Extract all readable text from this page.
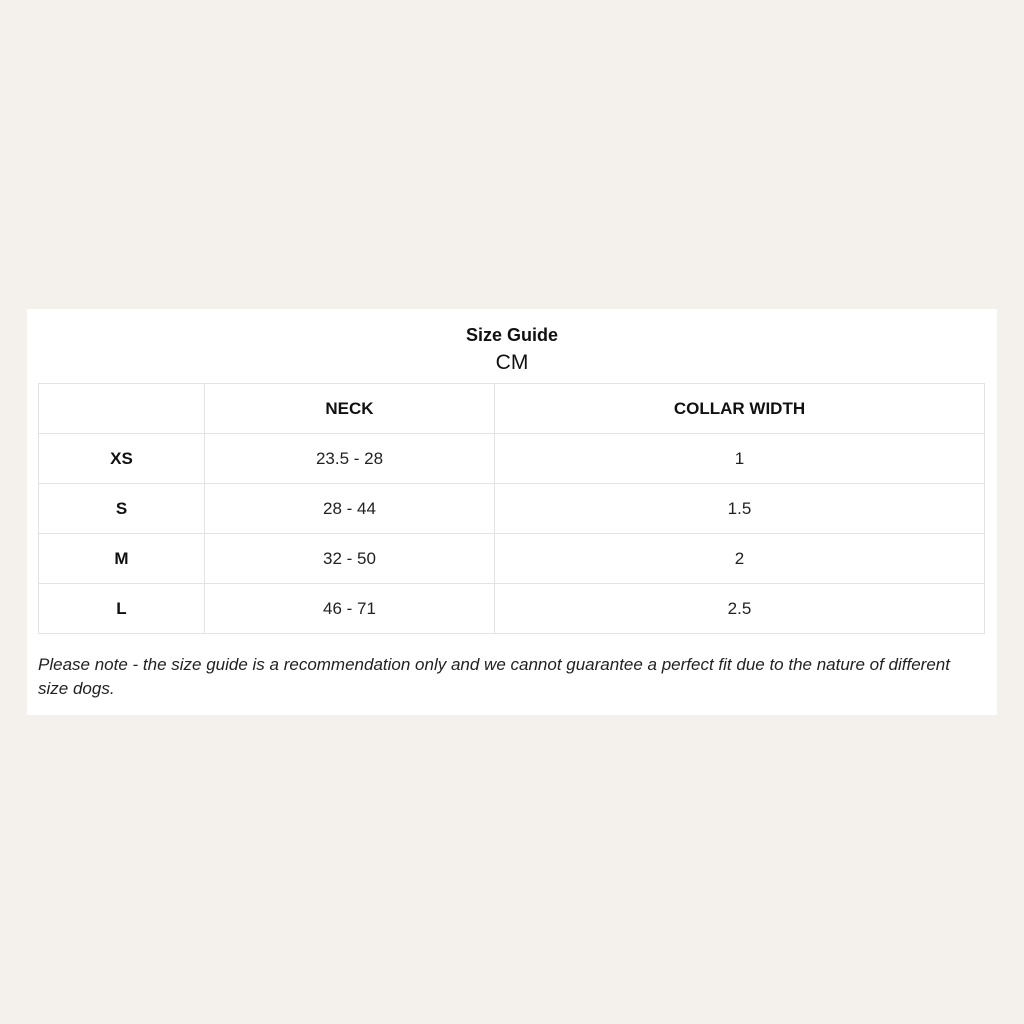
Size Guide
CM
	NECK	COLLAR WIDTH
XS	23.5 - 28	1
S	28 - 44	1.5
M	32 - 50	2
L	46 - 71	2.5
Please note - the size guide is a recommendation only and we cannot guarantee a perfect fit due to the nature of different size dogs.
